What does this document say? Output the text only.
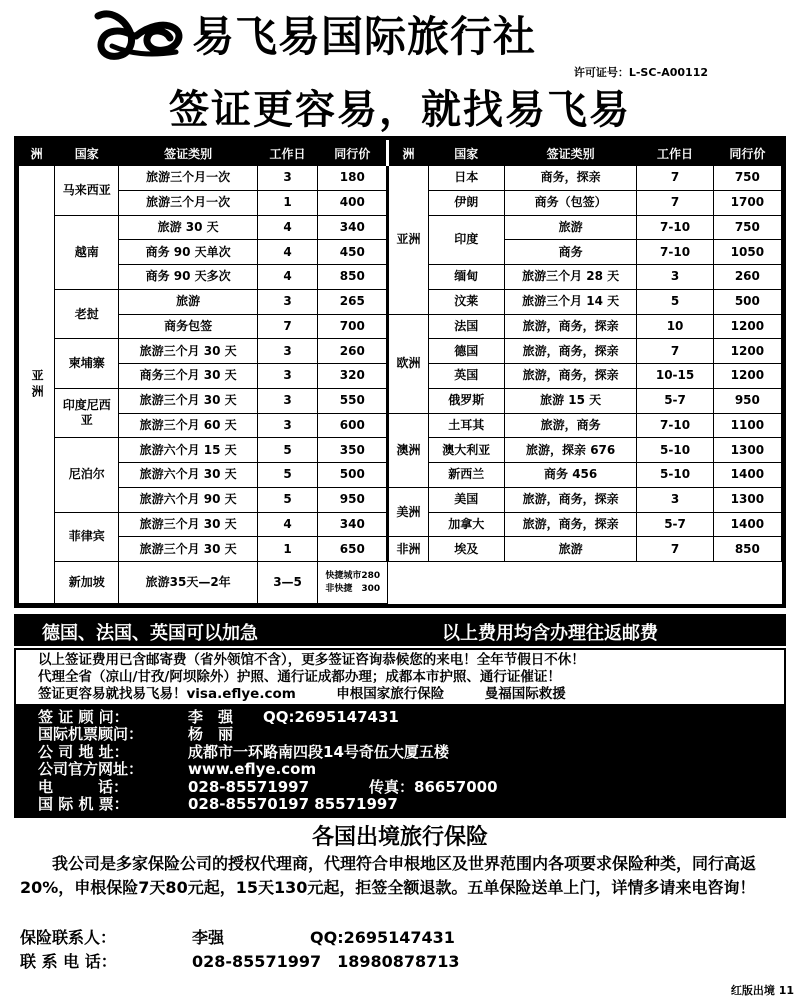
易飞易国际旅行社
许可证号：L-SC-A00112
签证更容易，就找易飞易
洲	国家	签证类别	工作日	同行价	洲	国家	签证类别	工作日	同行价
亚洲	马来西亚	旅游三个月一次	3	180	亚洲	日本	商务，探亲	7	750
		旅游三个月一次	1	400		伊朗	商务（包签）	7	1700
	越南	旅游 30 天	4	340		印度	旅游	7-10	750
		商务 90 天单次	4	450			商务	7-10	1050
		商务 90 天多次	4	850		缅甸	旅游三个月 28 天	3	260
	老挝	旅游	3	265		汶莱	旅游三个月 14 天	5	500
		商务包签	7	700	欧洲	法国	旅游，商务，探亲	10	1200
	柬埔寨	旅游三个月 30 天	3	260		德国	旅游，商务，探亲	7	1200
		商务三个月 30 天	3	320		英国	旅游，商务，探亲	10-15	1200
	印度尼西亚	旅游三个月 30 天	3	550		俄罗斯	旅游 15 天	5-7	950
		旅游三个月 60 天	3	600	澳洲	土耳其	旅游，商务	7-10	1100
	尼泊尔	旅游六个月 15 天	5	350		澳大利亚	旅游，探亲 676	5-10	1300
		旅游六个月 30 天	5	500		新西兰	商务 456	5-10	1400
		旅游六个月 90 天	5	950	美洲	美国	旅游，商务，探亲	3	1300
	菲律宾	旅游三个月 30 天	4	340		加拿大	旅游，商务，探亲	5-7	1400
		旅游三个月 30 天	1	650	非洲	埃及	旅游	7	850
	新加坡	旅游35天—2年	3—5	快捷城市280
非快捷　300					
德国、法国、英国可以加急	以上费用均含办理往返邮费
以上签证费用已含邮寄费（省外领馆不含），更多签证咨询恭候您的来电！全年节假日不休！
代理全省（凉山/甘孜/阿坝除外）护照、通行证成都办理；成都本市护照、通行证催证！
签证更容易就找易飞易！visa.eflye.com　　　申根国家旅行保险　　　曼福国际救援
签 证 顾 问：	李　强　　QQ:2695147431
国际机票顾问：	杨　丽
公 司 地 址：	成都市一环路南四段14号奇伍大厦五楼
公司官方网址：	www.eflye.com
电　　　话：	028-85571997　　　　传真：86657000
国 际 机 票：	028-85570197 85571997
各国出境旅行保险

我公司是多家保险公司的授权代理商，代理符合申根地区及世界范围内各项要求保险种类，同行高返20%，申根保险7天80元起，15天130元起，拒签全额退款。五单保险送单上门，详情多请来电咨询！

保险联系人：	李强	QQ:2695147431
联 系 电 话：	028-85571997　18980878713
红版出境 11
